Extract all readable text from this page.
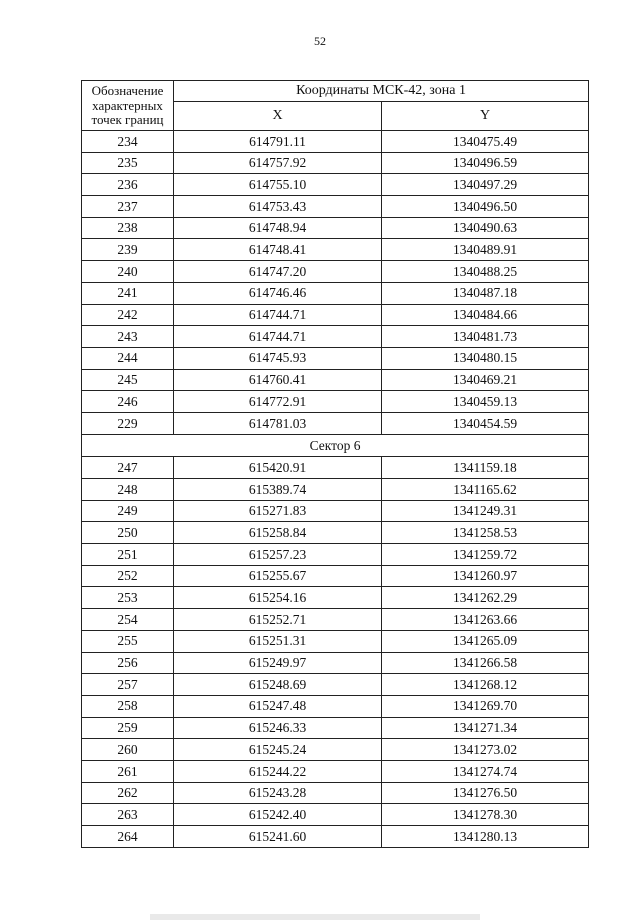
52
Обозначение характерных точек границ	Координаты МСК-42, зона 1	
	X	Y
234	614791.11	1340475.49
235	614757.92	1340496.59
236	614755.10	1340497.29
237	614753.43	1340496.50
238	614748.94	1340490.63
239	614748.41	1340489.91
240	614747.20	1340488.25
241	614746.46	1340487.18
242	614744.71	1340484.66
243	614744.71	1340481.73
244	614745.93	1340480.15
245	614760.41	1340469.21
246	614772.91	1340459.13
229	614781.03	1340454.59
Сектор 6		
247	615420.91	1341159.18
248	615389.74	1341165.62
249	615271.83	1341249.31
250	615258.84	1341258.53
251	615257.23	1341259.72
252	615255.67	1341260.97
253	615254.16	1341262.29
254	615252.71	1341263.66
255	615251.31	1341265.09
256	615249.97	1341266.58
257	615248.69	1341268.12
258	615247.48	1341269.70
259	615246.33	1341271.34
260	615245.24	1341273.02
261	615244.22	1341274.74
262	615243.28	1341276.50
263	615242.40	1341278.30
264	615241.60	1341280.13
